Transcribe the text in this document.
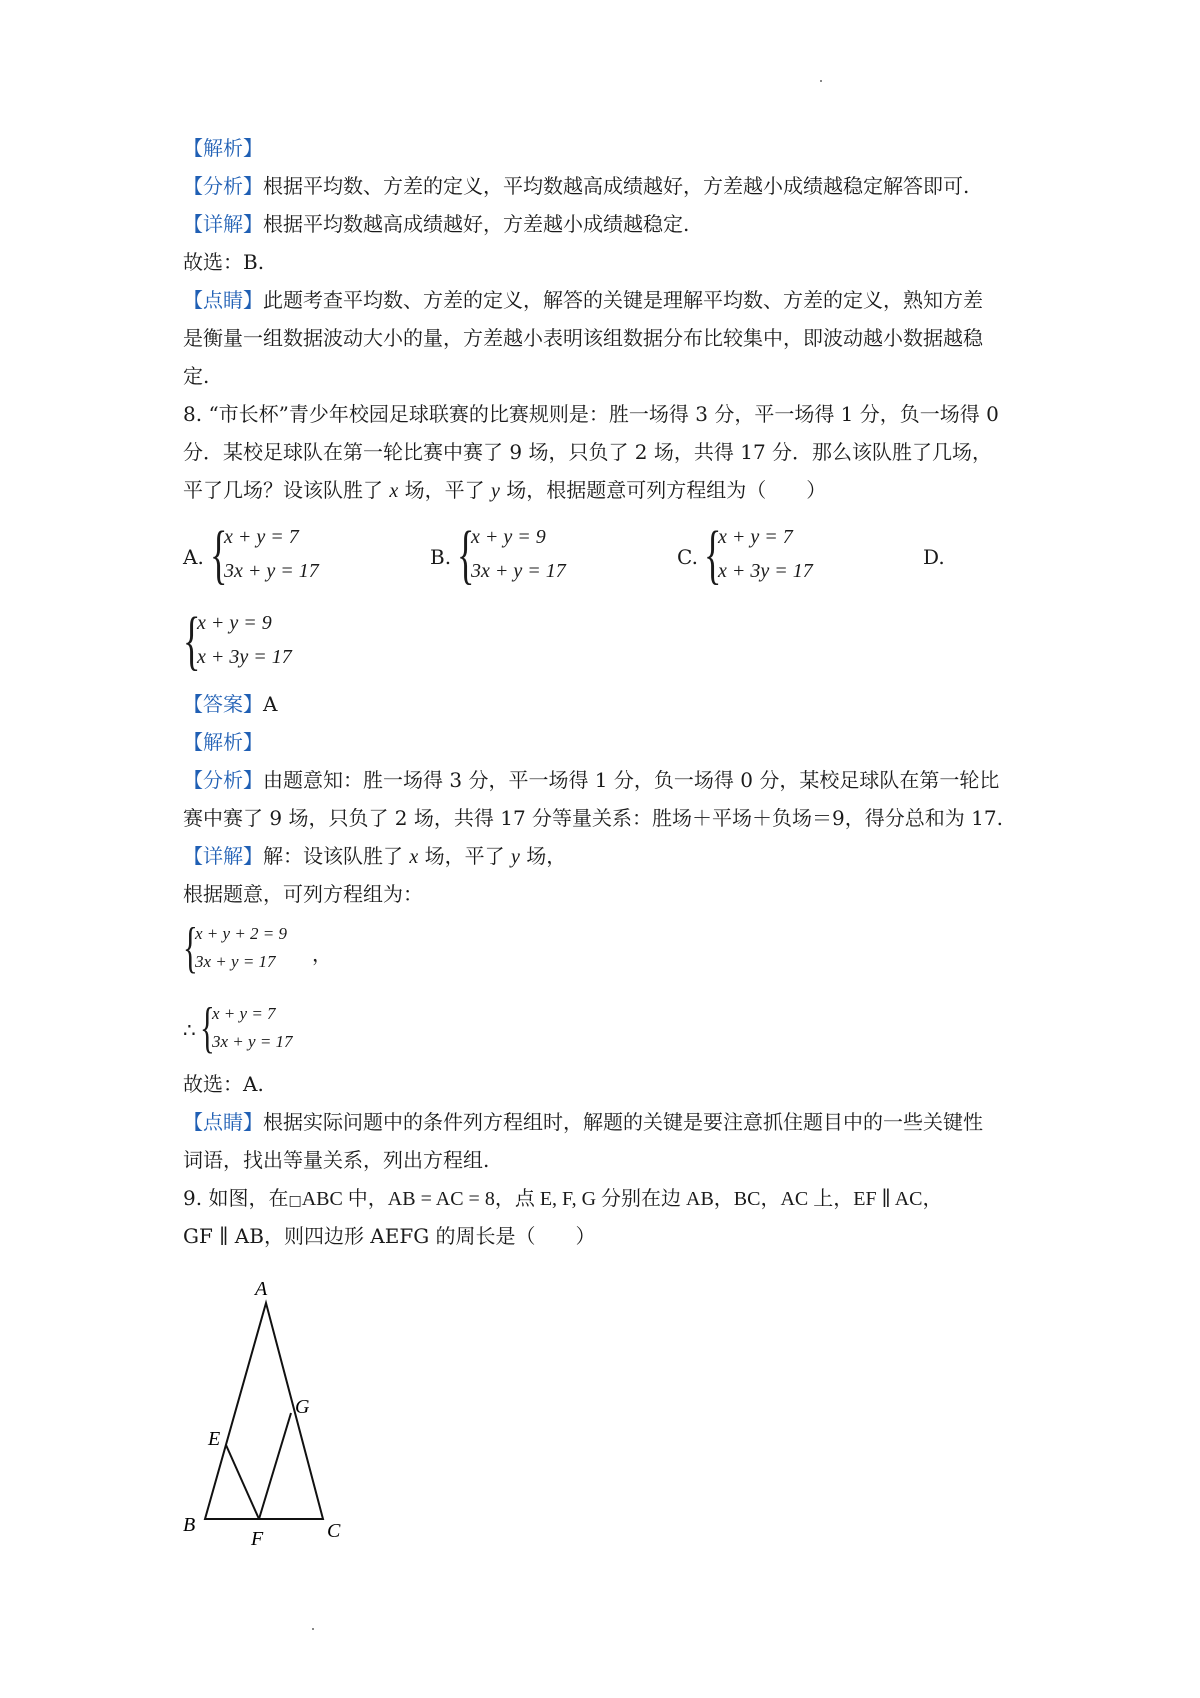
【解析】
【分析】根据平均数、方差的定义，平均数越高成绩越好，方差越小成绩越稳定解答即可.
【详解】根据平均数越高成绩越好，方差越小成绩越稳定.
故选：B.
【点睛】此题考查平均数、方差的定义，解答的关键是理解平均数、方差的定义，熟知方差
是衡量一组数据波动大小的量，方差越小表明该组数据分布比较集中，即波动越小数据越稳
定.
8. “市长杯”青少年校园足球联赛的比赛规则是：胜一场得 3 分，平一场得 1 分，负一场得 0
分．某校足球队在第一轮比赛中赛了 9 场，只负了 2 场，共得 17 分．那么该队胜了几场，
平了几场？设该队胜了 x 场，平了 y 场，根据题意可列方程组为（　　）
A. {
x + y = 7
3x + y = 17
B. {
x + y = 9
3x + y = 17
C. {
x + y = 7
x + 3y = 17
D.
{
x + y = 9
x + 3y = 17
【答案】A
【解析】
【分析】由题意知：胜一场得 3 分，平一场得 1 分，负一场得 0 分，某校足球队在第一轮比
赛中赛了 9 场，只负了 2 场，共得 17 分等量关系：胜场＋平场＋负场＝9，得分总和为 17.
【详解】解：设该队胜了 x 场，平了 y 场，
根据题意，可列方程组为：
{
x + y + 2 = 9
3x + y = 17 ，
∴ {
x + y = 7
3x + y = 17
故选：A.
【点睛】根据实际问题中的条件列方程组时，解题的关键是要注意抓住题目中的一些关键性
词语，找出等量关系，列出方程组.
9. 如图，在□ABC 中，AB = AC = 8，点 E, F, G 分别在边 AB，BC，AC 上，EF ∥ AC，
GF ∥ AB，则四边形 AEFG 的周长是（　　）
A
G
E
B
F	C
